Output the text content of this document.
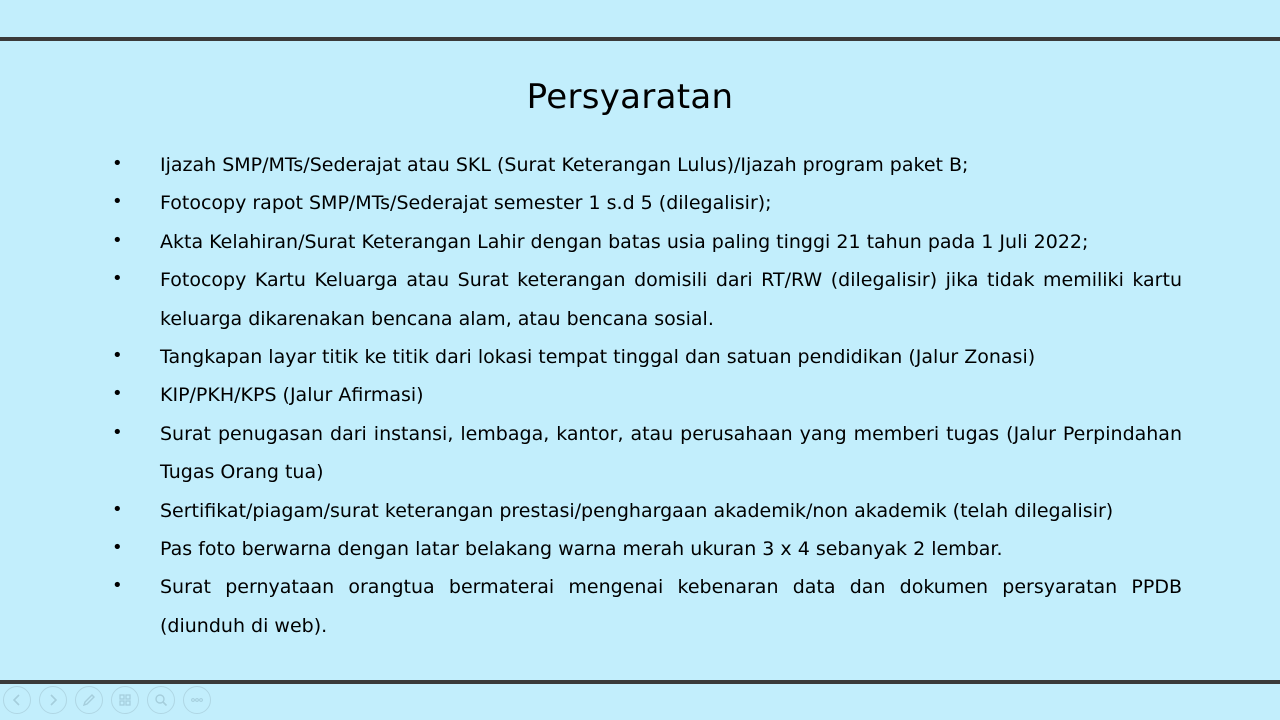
Persyaratan
• Ijazah SMP/MTs/Sederajat atau SKL (Surat Keterangan Lulus)/Ijazah program paket B;
• Fotocopy rapot SMP/MTs/Sederajat semester 1 s.d 5 (dilegalisir);
• Akta Kelahiran/Surat Keterangan Lahir dengan batas usia paling tinggi 21 tahun pada 1 Juli 2022;
• Fotocopy Kartu Keluarga atau Surat keterangan domisili dari RT/RW (dilegalisir) jika tidak memiliki kartu keluarga dikarenakan bencana alam, atau bencana sosial.
• Tangkapan layar titik ke titik dari lokasi tempat tinggal dan satuan pendidikan (Jalur Zonasi)
• KIP/PKH/KPS (Jalur Afirmasi)
• Surat penugasan dari instansi, lembaga, kantor, atau perusahaan yang memberi tugas (Jalur Perpindahan Tugas Orang tua)
• Sertifikat/piagam/surat keterangan prestasi/penghargaan akademik/non akademik (telah dilegalisir)
• Pas foto berwarna dengan latar belakang warna merah ukuran 3 x 4 sebanyak 2 lembar.
• Surat pernyataan orangtua bermaterai mengenai kebenaran data dan dokumen persyaratan PPDB (diunduh di web).
